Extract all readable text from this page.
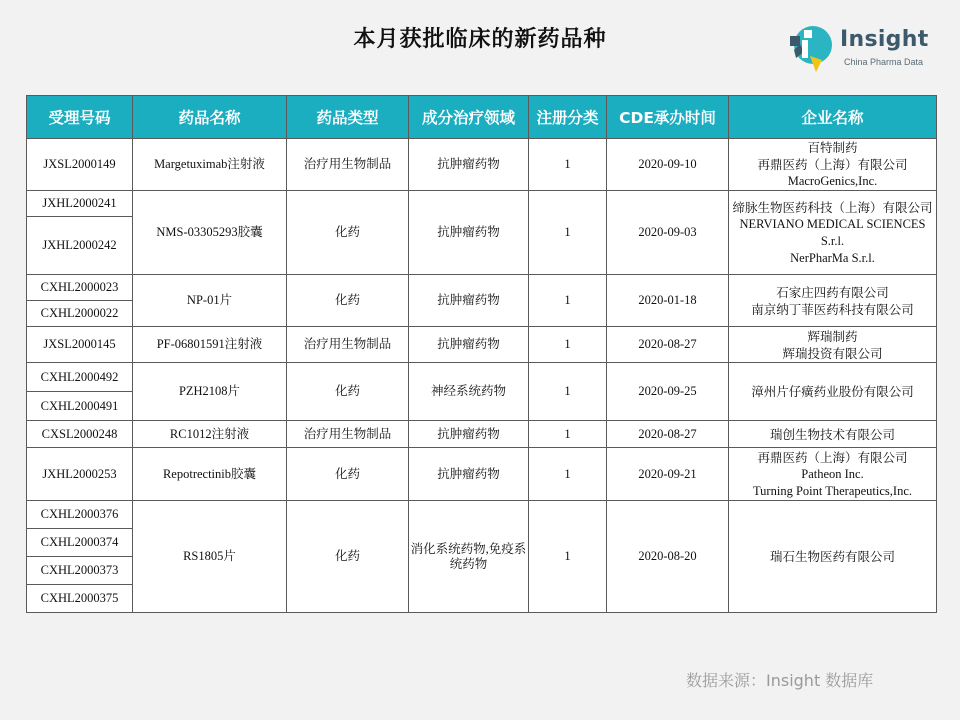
本月获批临床的新药品种	Insight
China Pharma Data
受理号码	药品名称	药品类型	成分治疗领域	注册分类	CDE承办时间	企业名称
JXSL2000149	Margetuximab注射液	治疗用生物制品	抗肿瘤药物	1	2020-09-10	百特制药
再鼎医药（上海）有限公司
MacroGenics,Inc.

JXHL2000241	NMS-03305293胶囊	化药	抗肿瘤药物	1	2020-09-03	缔脉生物医药科技（上海）有限公司
NERVIANO MEDICAL SCIENCES S.r.l.
NerPharMa S.r.l.

JXHL2000242						
CXHL2000023	NP-01片	化药	抗肿瘤药物	1	2020-01-18	石家庄四药有限公司
南京纳丁菲医药科技有限公司

CXHL2000022						
JXSL2000145	PF-06801591注射液	治疗用生物制品	抗肿瘤药物	1	2020-08-27	辉瑞制药
辉瑞投资有限公司

CXHL2000492	PZH2108片	化药	神经系统药物	1	2020-09-25	漳州片仔癀药业股份有限公司

CXHL2000491						
CXSL2000248	RC1012注射液	治疗用生物制品	抗肿瘤药物	1	2020-08-27	瑞创生物技术有限公司

JXHL2000253	Repotrectinib胶囊	化药	抗肿瘤药物	1	2020-09-21	再鼎医药（上海）有限公司
Patheon Inc.
Turning Point Therapeutics,Inc.

CXHL2000376	RS1805片	化药	消化系统药物,免疫系统药物	1	2020-08-20	瑞石生物医药有限公司

CXHL2000374						
CXHL2000373						
CXHL2000375						
数据来源：Insight 数据库
